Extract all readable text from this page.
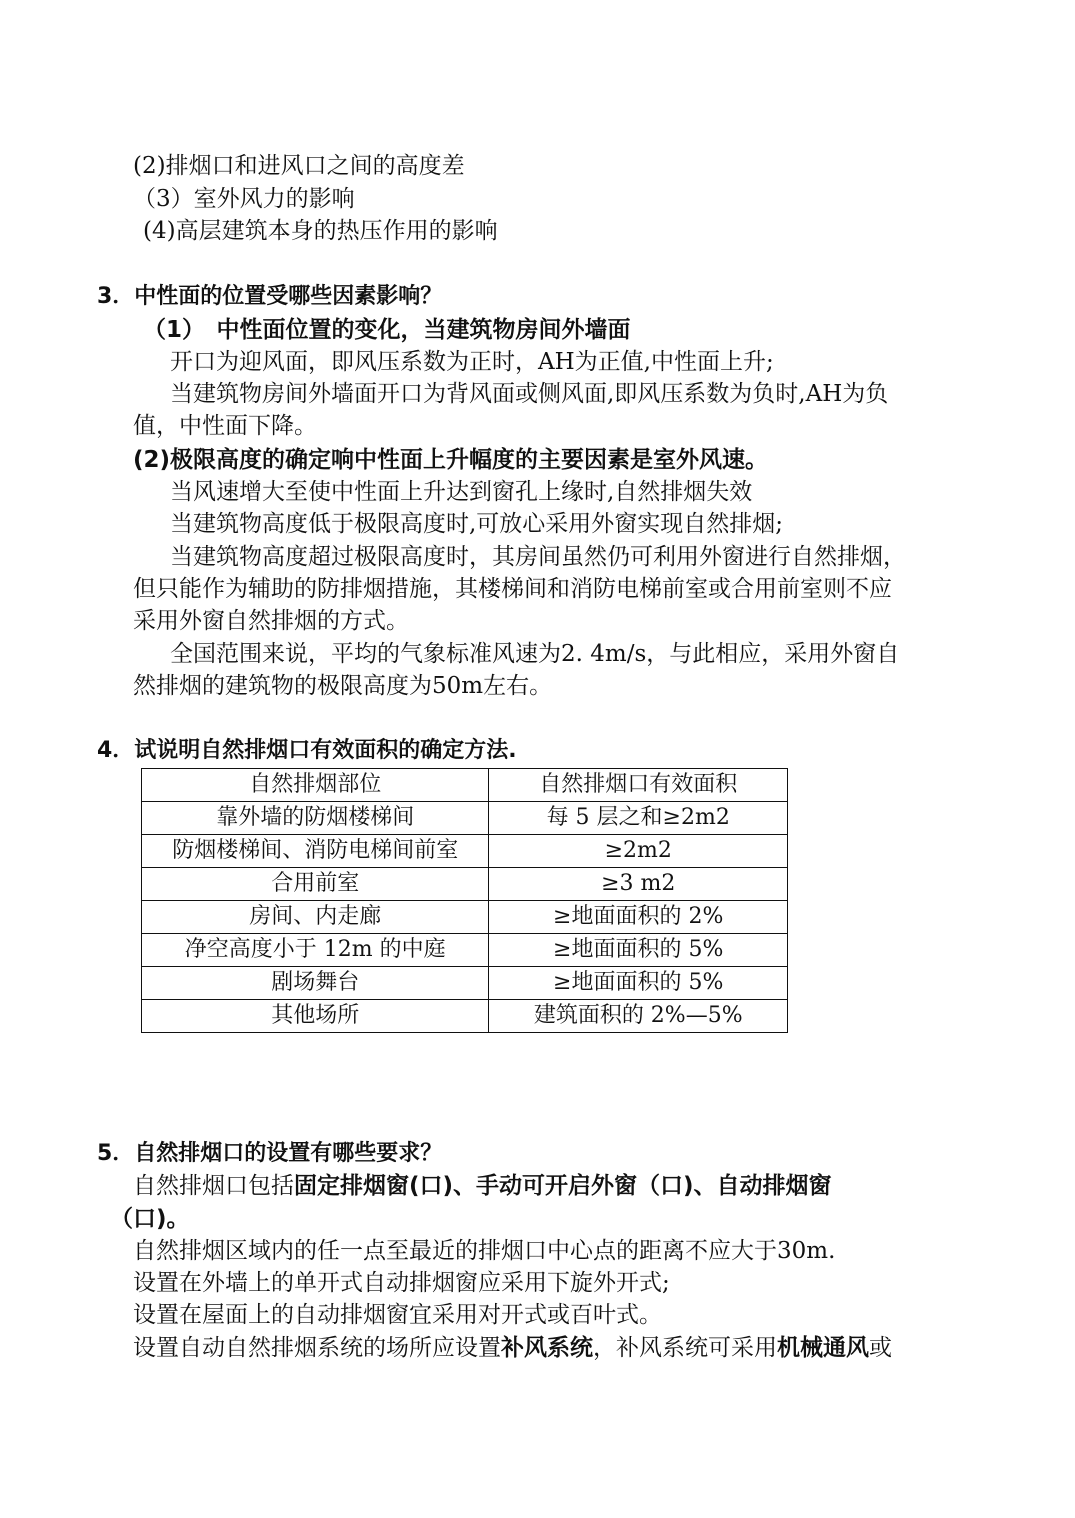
(2)排烟口和进风口之间的高度差
（3）室外风力的影响
(4)高层建筑本身的热压作用的影响
3．中性面的位置受哪些因素影响？
（1）　中性面位置的变化，当建筑物房间外墙面
开口为迎风面，即风压系数为正时，AH为正值,中性面上升;
当建筑物房间外墙面开口为背风面或侧风面,即风压系数为负时,AH为负
值，中性面下降。
(2)极限高度的确定响中性面上升幅度的主要因素是室外风速。
当风速增大至使中性面上升达到窗孔上缘时,自然排烟失效
当建筑物高度低于极限高度时,可放心采用外窗实现自然排烟;
当建筑物高度超过极限高度时，其房间虽然仍可利用外窗进行自然排烟，
但只能作为辅助的防排烟措施，其楼梯间和消防电梯前室或合用前室则不应
采用外窗自然排烟的方式。
全国范围来说，平均的气象标准风速为2. 4m/s，与此相应，采用外窗自
然排烟的建筑物的极限高度为50m左右。
4．试说明自然排烟口有效面积的确定方法.
自然排烟部位	自然排烟口有效面积
靠外墙的防烟楼梯间	每 5 层之和≥2m2
防烟楼梯间、消防电梯间前室	≥2m2
合用前室	≥3 m2
房间、内走廊	≥地面面积的 2%
净空高度小于 12m 的中庭	≥地面面积的 5%
剧场舞台	≥地面面积的 5%
其他场所	建筑面积的 2%—5%
5．自然排烟口的设置有哪些要求？
自然排烟口包括固定排烟窗(口)、手动可开启外窗（口)、自动排烟窗
（口)。
自然排烟区域内的任一点至最近的排烟口中心点的距离不应大于30m.
设置在外墙上的单开式自动排烟窗应采用下旋外开式;
设置在屋面上的自动排烟窗宜采用对开式或百叶式。
设置自动自然排烟系统的场所应设置补风系统，补风系统可采用机械通风或
